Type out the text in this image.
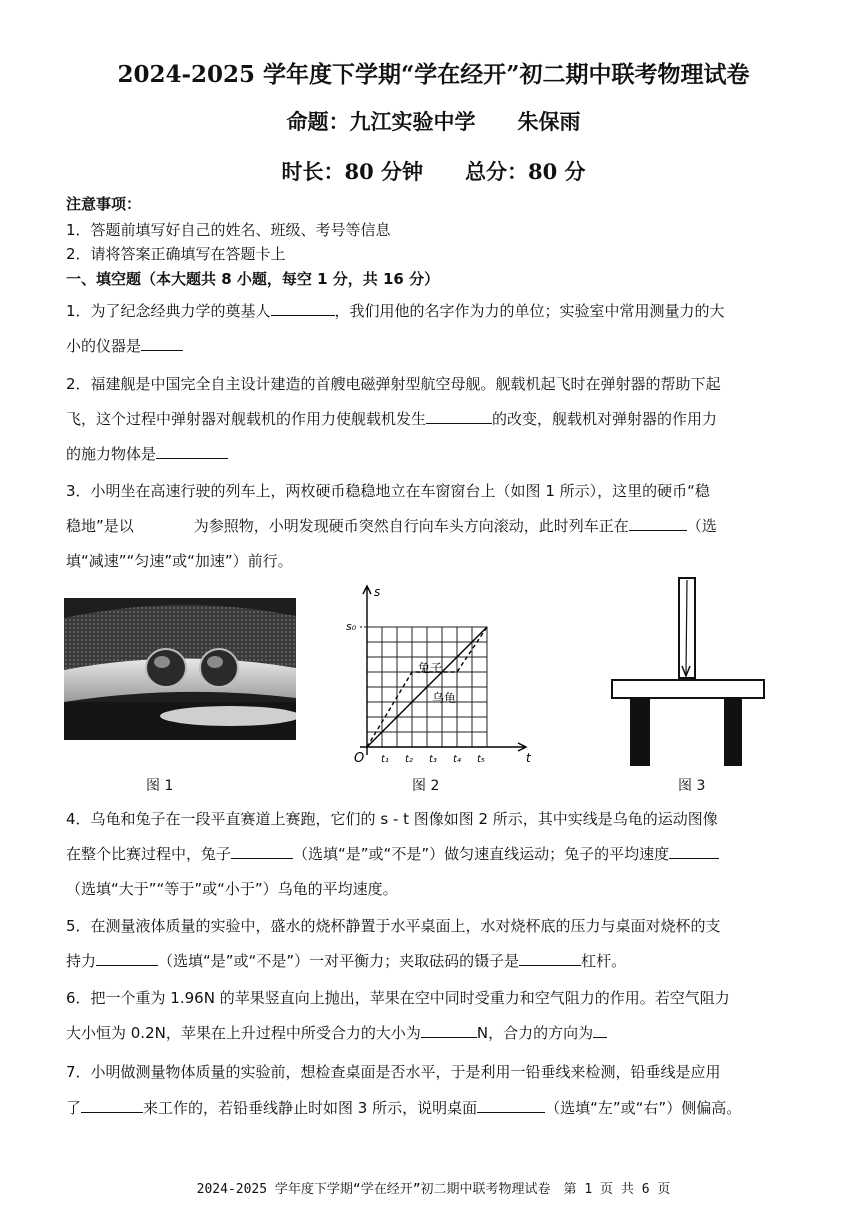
2024-2025 学年度下学期“学在经开”初二期中联考物理试卷
命题：九江实验中学　　朱保雨
时长：80 分钟　　总分：80 分
注意事项：
1．答题前填写好自己的姓名、班级、考号等信息
2．请将答案正确填写在答题卡上
一、填空题（本大题共 8 小题，每空 1 分，共 16 分）
1．为了纪念经典力学的奠基人	，我们用他的名字作为力的单位；实验室中常用测量力的大
小的仪器是
2．福建舰是中国完全自主设计建造的首艘电磁弹射型航空母舰。舰载机起飞时在弹射器的帮助下起
飞，这个过程中弹射器对舰载机的作用力使舰载机发生	的改变，舰载机对弹射器的作用力
的施力物体是
3．小明坐在高速行驶的列车上，两枚硬币稳稳地立在车窗窗台上（如图 1 所示），这里的硬币“稳
稳地”是以	为参照物，小明发现硬币突然自行向车头方向滚动，此时列车正在	（选
填“减速”“匀速”或“加速”）前行。
图 1
s
t
O
s₀
兔子
乌龟
t₁ t₂ t₃ t₄ t₅
图 2	图 3
4．乌龟和兔子在一段平直赛道上赛跑，它们的 s - t 图像如图 2 所示，其中实线是乌龟的运动图像
在整个比赛过程中，兔子	（选填“是”或“不是”）做匀速直线运动；兔子的平均速度
（选填“大于”“等于”或“小于”）乌龟的平均速度。
5．在测量液体质量的实验中，盛水的烧杯静置于水平桌面上，水对烧杯底的压力与桌面对烧杯的支
持力	（选填“是”或“不是”）一对平衡力；夹取砝码的镊子是	杠杆。
6．把一个重为 1.96N 的苹果竖直向上抛出，苹果在空中同时受重力和空气阻力的作用。若空气阻力
大小恒为 0.2N，苹果在上升过程中所受合力的大小为	N，合力的方向为
7．小明做测量物体质量的实验前，想检查桌面是否水平，于是利用一铅垂线来检测，铅垂线是应用
了	来工作的，若铅垂线静止时如图 3 所示，说明桌面	（选填“左”或“右”）侧偏高。
2024-2025 学年度下学期“学在经开”初二期中联考物理试卷　第 1 页 共 6 页
